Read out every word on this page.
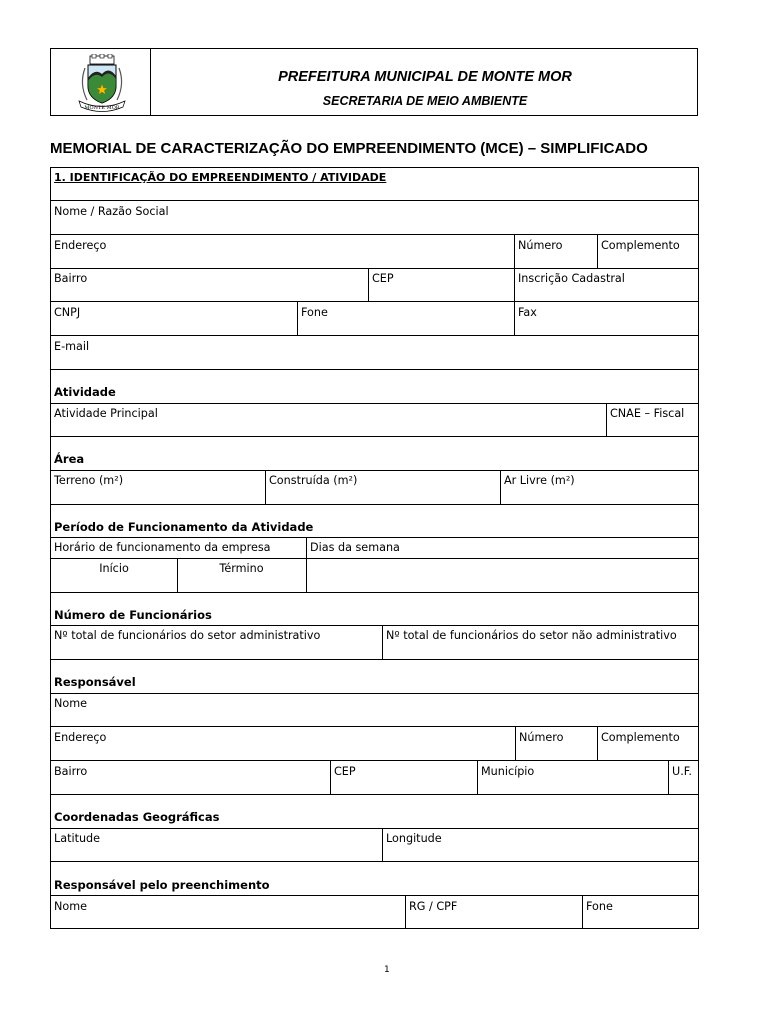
MONTE MOR
PREFEITURA MUNICIPAL DE MONTE MOR
SECRETARIA DE MEIO AMBIENTE
MEMORIAL DE CARACTERIZAÇÃO DO EMPREENDIMENTO (MCE) – SIMPLIFICADO
1. IDENTIFICAÇÃO DO EMPREENDIMENTO / ATIVIDADE
Nome / Razão Social
Endereço	Número	Complemento
Bairro	CEP	Inscrição Cadastral
CNPJ	Fone	Fax
E-mail
Atividade
Atividade Principal	CNAE – Fiscal
Área
Terreno (m²)	Construída (m²)	Ar Livre (m²)
Período de Funcionamento da Atividade
Horário de funcionamento da empresa	Dias da semana
Início	Término
Número de Funcionários
Nº total de funcionários do setor administrativo	Nº total de funcionários do setor não administrativo
Responsável
Nome
Endereço	Número	Complemento
Bairro	CEP	Município	U.F.
Coordenadas Geográficas
Latitude	Longitude
Responsável pelo preenchimento
Nome	RG / CPF	Fone
1
